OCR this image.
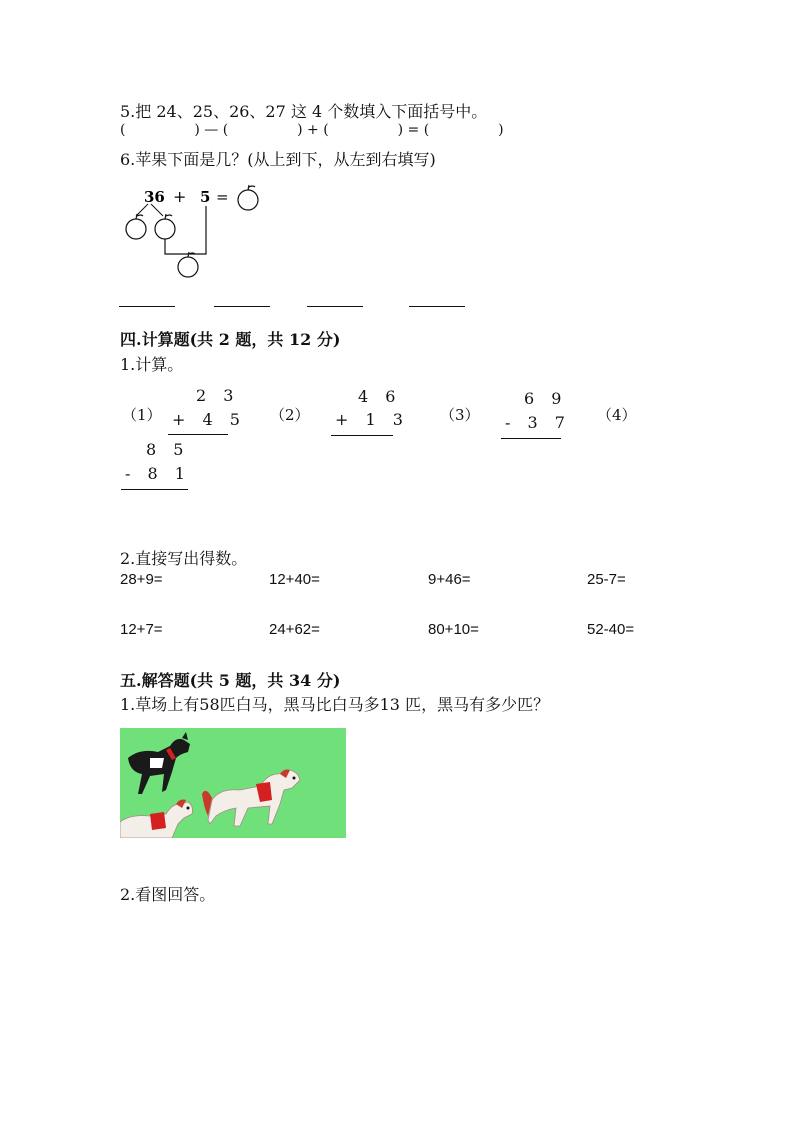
5.把 24、25、26、27 这 4 个数填入下面括号中。
(	) — (	) + (	) = (	)
6.苹果下面是几？(从上到下，从左到右填写)
36 + 5 =
四.计算题(共 2 题，共 12 分)
1.计算。
（1）
2 3
+ 4 5 （2）
4 6
+ 1 3 （3）
6 9
- 3 7 （4）
8 5
- 8 1
2.直接写出得数。
28+9=	12+40=	9+46=	25-7=
12+7=	24+62=	80+10=	52-40=
五.解答题(共 5 题，共 34 分)
1.草场上有58匹白马，黑马比白马多13 匹，黑马有多少匹？
2.看图回答。
